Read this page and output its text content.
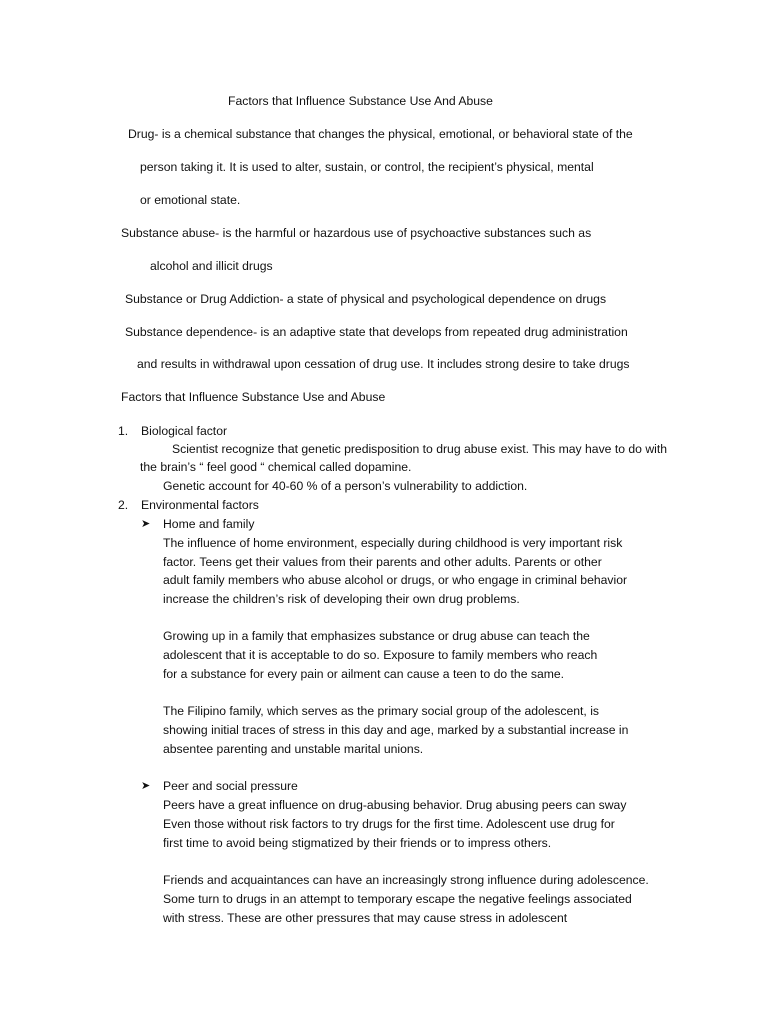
Factors that Influence Substance Use And Abuse
Drug- is a chemical substance that changes the physical, emotional, or behavioral state of the
person taking it. It is used to alter, sustain, or control, the recipient’s physical, mental
or emotional state.
Substance abuse- is the harmful or hazardous use of psychoactive substances such as
alcohol and illicit drugs
Substance or Drug Addiction- a state of physical and psychological dependence on drugs
Substance dependence- is an adaptive state that develops from repeated drug administration
and results in withdrawal upon cessation of drug use. It includes strong desire to take drugs
Factors that Influence Substance Use and Abuse
1. Biological factor
Scientist recognize that genetic predisposition to drug abuse exist. This may have to do with
the brain’s “ feel good “ chemical called dopamine.
Genetic account for 40-60 % of a person’s vulnerability to addiction.
2. Environmental factors
➤ Home and family
The influence of home environment, especially during childhood is very important risk
factor. Teens get their values from their parents and other adults. Parents or other
adult family members who abuse alcohol or drugs, or who engage in criminal behavior
increase the children’s risk of developing their own drug problems.
Growing up in a family that emphasizes substance or drug abuse can teach the
adolescent that it is acceptable to do so. Exposure to family members who reach
for a substance for every pain or ailment can cause a teen to do the same.
The Filipino family, which serves as the primary social group of the adolescent, is
showing initial traces of stress in this day and age, marked by a substantial increase in
absentee parenting and unstable marital unions.
➤ Peer and social pressure
Peers have a great influence on drug-abusing behavior. Drug abusing peers can sway
Even those without risk factors to try drugs for the first time. Adolescent use drug for
first time to avoid being stigmatized by their friends or to impress others.
Friends and acquaintances can have an increasingly strong influence during adolescence.
Some turn to drugs in an attempt to temporary escape the negative feelings associated
with stress. These are other pressures that may cause stress in adolescent
